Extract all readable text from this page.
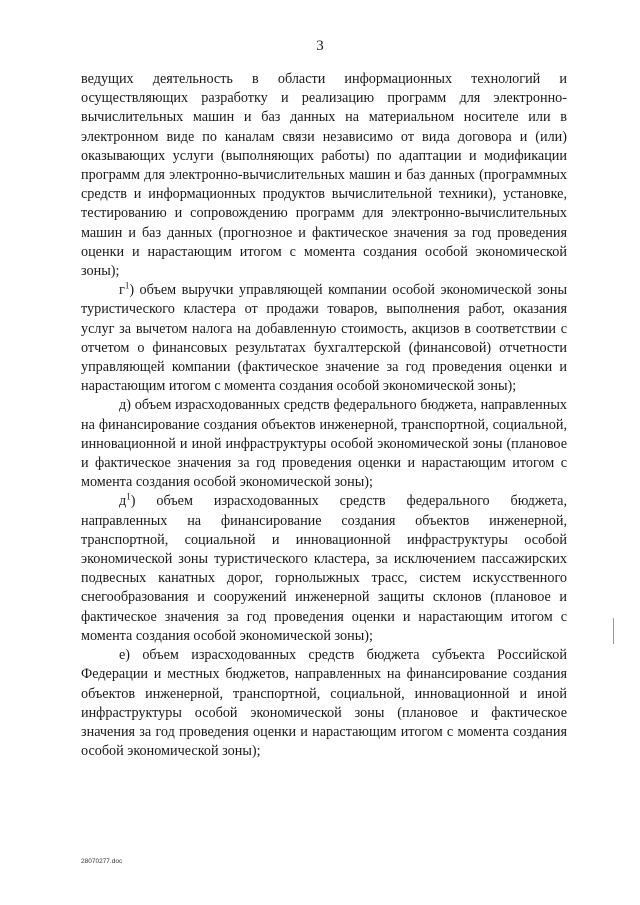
3

ведущих деятельность в области информационных технологий и осуществляющих разработку и реализацию программ для электронно-вычислительных машин и баз данных на материальном носителе или в электронном виде по каналам связи независимо от вида договора и (или) оказывающих услуги (выполняющих работы) по адаптации и модификации программ для электронно-вычислительных машин и баз данных (программных средств и информационных продуктов вычислительной техники), установке, тестированию и сопровождению программ для электронно-вычислительных машин и баз данных (прогнозное и фактическое значения за год проведения оценки и нарастающим итогом с момента создания особой экономической зоны);

$г^1$) объем выручки управляющей компании особой экономической зоны туристического кластера от продажи товаров, выполнения работ, оказания услуг за вычетом налога на добавленную стоимость, акцизов в соответствии с отчетом о финансовых результатах бухгалтерской (финансовой) отчетности управляющей компании (фактическое значение за год проведения оценки и нарастающим итогом с момента создания особой экономической зоны);

д) объем израсходованных средств федерального бюджета, направленных на финансирование создания объектов инженерной, транспортной, социальной, инновационной и иной инфраструктуры особой экономической зоны (плановое и фактическое значения за год проведения оценки и нарастающим итогом с момента создания особой экономической зоны);

$д^1$) объем израсходованных средств федерального бюджета, направленных на финансирование создания объектов инженерной, транспортной, социальной и инновационной инфраструктуры особой экономической зоны туристического кластера, за исключением пассажирских подвесных канатных дорог, горнолыжных трасс, систем искусственного снегообразования и сооружений инженерной защиты склонов (плановое и фактическое значения за год проведения оценки и нарастающим итогом с момента создания особой экономической зоны);

е) объем израсходованных средств бюджета субъекта Российской Федерации и местных бюджетов, направленных на финансирование создания объектов инженерной, транспортной, социальной, инновационной и иной инфраструктуры особой экономической зоны (плановое и фактическое значения за год проведения оценки и нарастающим итогом с момента создания особой экономической зоны);

28070277.doc
